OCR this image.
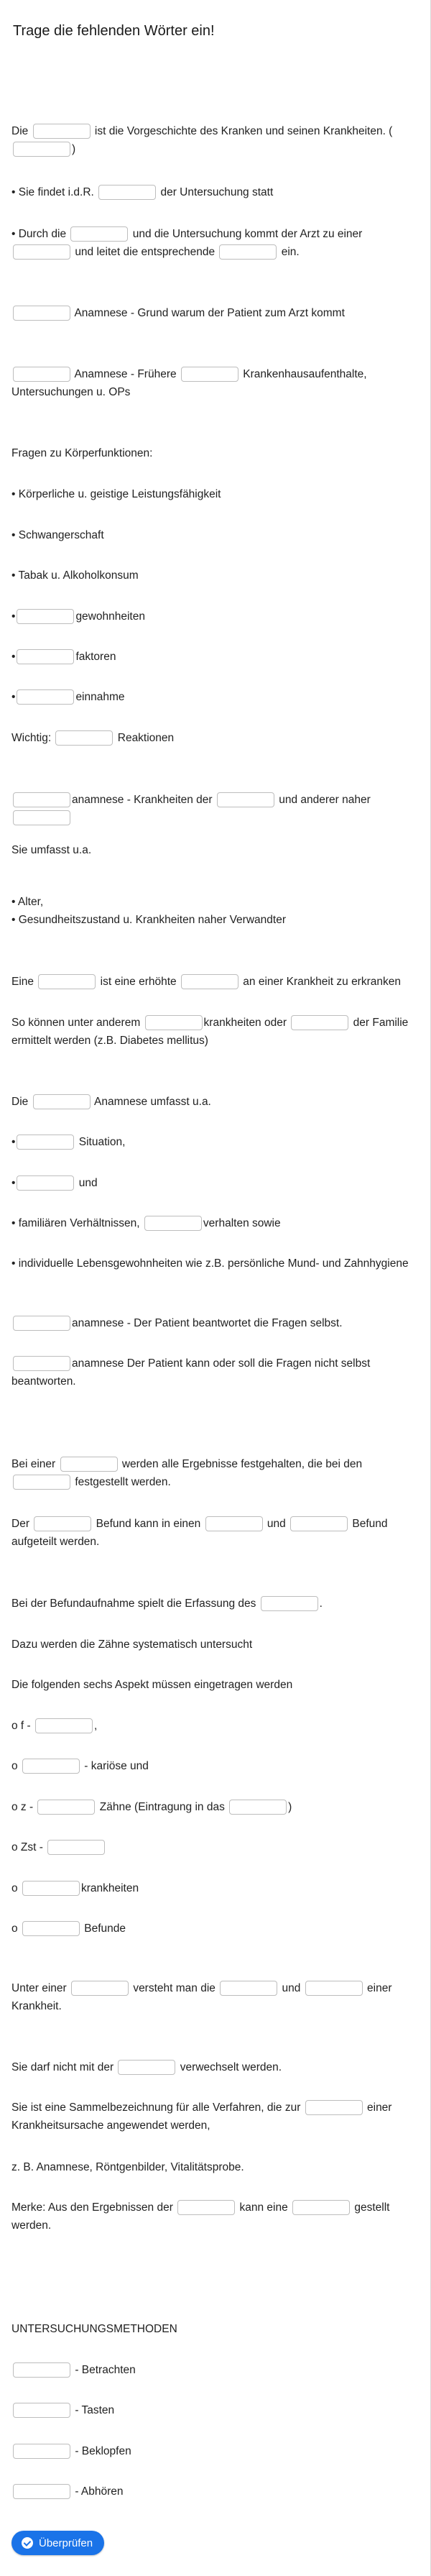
Trage die fehlenden Wörter ein!
Die	ist die Vorgeschichte des Kranken und seinen Krankheiten. ( )
• Sie findet i.d.R.	der Untersuchung statt
• Durch die	und die Untersuchung kommt der Arzt zu einer  und leitet die entsprechende	ein.
Anamnese - Grund warum der Patient zum Arzt kommt
Anamnese - Frühere	Krankenhausaufenthalte, Untersuchungen u. OPs
Fragen zu Körperfunktionen:
• Körperliche u. geistige Leistungsfähigkeit
• Schwangerschaft
• Tabak u. Alkoholkonsum
•	gewohnheiten
•	faktoren
•	einnahme
Wichtig:	Reaktionen
anamnese - Krankheiten der	und anderer naher
Sie umfasst u.a.
• Alter,
• Gesundheitszustand u. Krankheiten naher Verwandter
Eine	ist eine erhöhte	an einer Krankheit zu erkranken
So können unter anderem	krankheiten oder	der Familie ermittelt werden (z.B. Diabetes mellitus)
Die	Anamnese umfasst u.a.
•	Situation,
•	und
• familiären Verhältnissen,	verhalten sowie
• individuelle Lebensgewohnheiten wie z.B. persönliche Mund- und Zahnhygiene
anamnese - Der Patient beantwortet die Fragen selbst.
anamnese Der Patient kann oder soll die Fragen nicht selbst beantworten.
Bei einer	werden alle Ergebnisse festgehalten, die bei den  festgestellt werden.
Der	Befund kann in einen	und	Befund aufgeteilt werden.
Bei der Befundaufnahme spielt die Erfassung des	.
Dazu werden die Zähne systematisch untersucht
Die folgenden sechs Aspekt müssen eingetragen werden
o f -	,
o	- kariöse und
o z -	Zähne (Eintragung in das	)
o Zst -
o	krankheiten
o	Befunde
Unter einer	versteht man die	und	einer Krankheit.
Sie darf nicht mit der	verwechselt werden.
Sie ist eine Sammelbezeichnung für alle Verfahren, die zur	einer Krankheitsursache angewendet werden,
z. B. Anamnese, Röntgenbilder, Vitalitätsprobe.
Merke: Aus den Ergebnissen der	kann eine	gestellt werden.
UNTERSUCHUNGSMETHODEN
- Betrachten
- Tasten
- Beklopfen
- Abhören
Überprüfen
